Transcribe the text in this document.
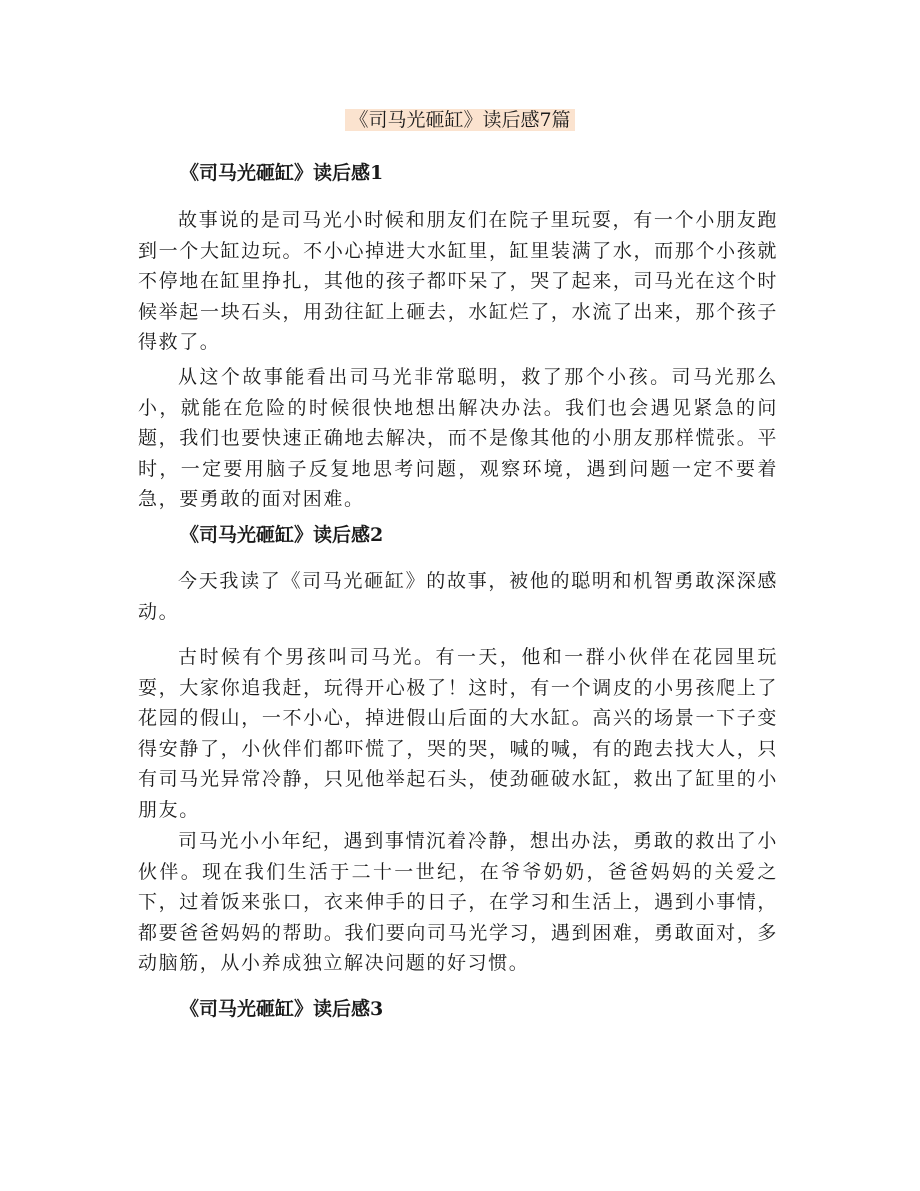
《司马光砸缸》读后感7篇
《司马光砸缸》读后感1

故事说的是司马光小时候和朋友们在院子里玩耍，有一个小朋友跑到一个大缸边玩。不小心掉进大水缸里，缸里装满了水，而那个小孩就不停地在缸里挣扎，其他的孩子都吓呆了，哭了起来，司马光在这个时候举起一块石头，用劲往缸上砸去，水缸烂了，水流了出来，那个孩子得救了。

从这个故事能看出司马光非常聪明，救了那个小孩。司马光那么小，就能在危险的时候很快地想出解决办法。我们也会遇见紧急的问题，我们也要快速正确地去解决，而不是像其他的小朋友那样慌张。平时，一定要用脑子反复地思考问题，观察环境，遇到问题一定不要着急，要勇敢的面对困难。

《司马光砸缸》读后感2

今天我读了《司马光砸缸》的故事，被他的聪明和机智勇敢深深感动。

古时候有个男孩叫司马光。有一天，他和一群小伙伴在花园里玩耍，大家你追我赶，玩得开心极了！这时，有一个调皮的小男孩爬上了花园的假山，一不小心，掉进假山后面的大水缸。高兴的场景一下子变得安静了，小伙伴们都吓慌了，哭的哭，喊的喊，有的跑去找大人，只有司马光异常冷静，只见他举起石头，使劲砸破水缸，救出了缸里的小朋友。

司马光小小年纪，遇到事情沉着冷静，想出办法，勇敢的救出了小伙伴。现在我们生活于二十一世纪，在爷爷奶奶，爸爸妈妈的关爱之下，过着饭来张口，衣来伸手的日子，在学习和生活上，遇到小事情，都要爸爸妈妈的帮助。我们要向司马光学习，遇到困难，勇敢面对，多动脑筋，从小养成独立解决问题的好习惯。

《司马光砸缸》读后感3
